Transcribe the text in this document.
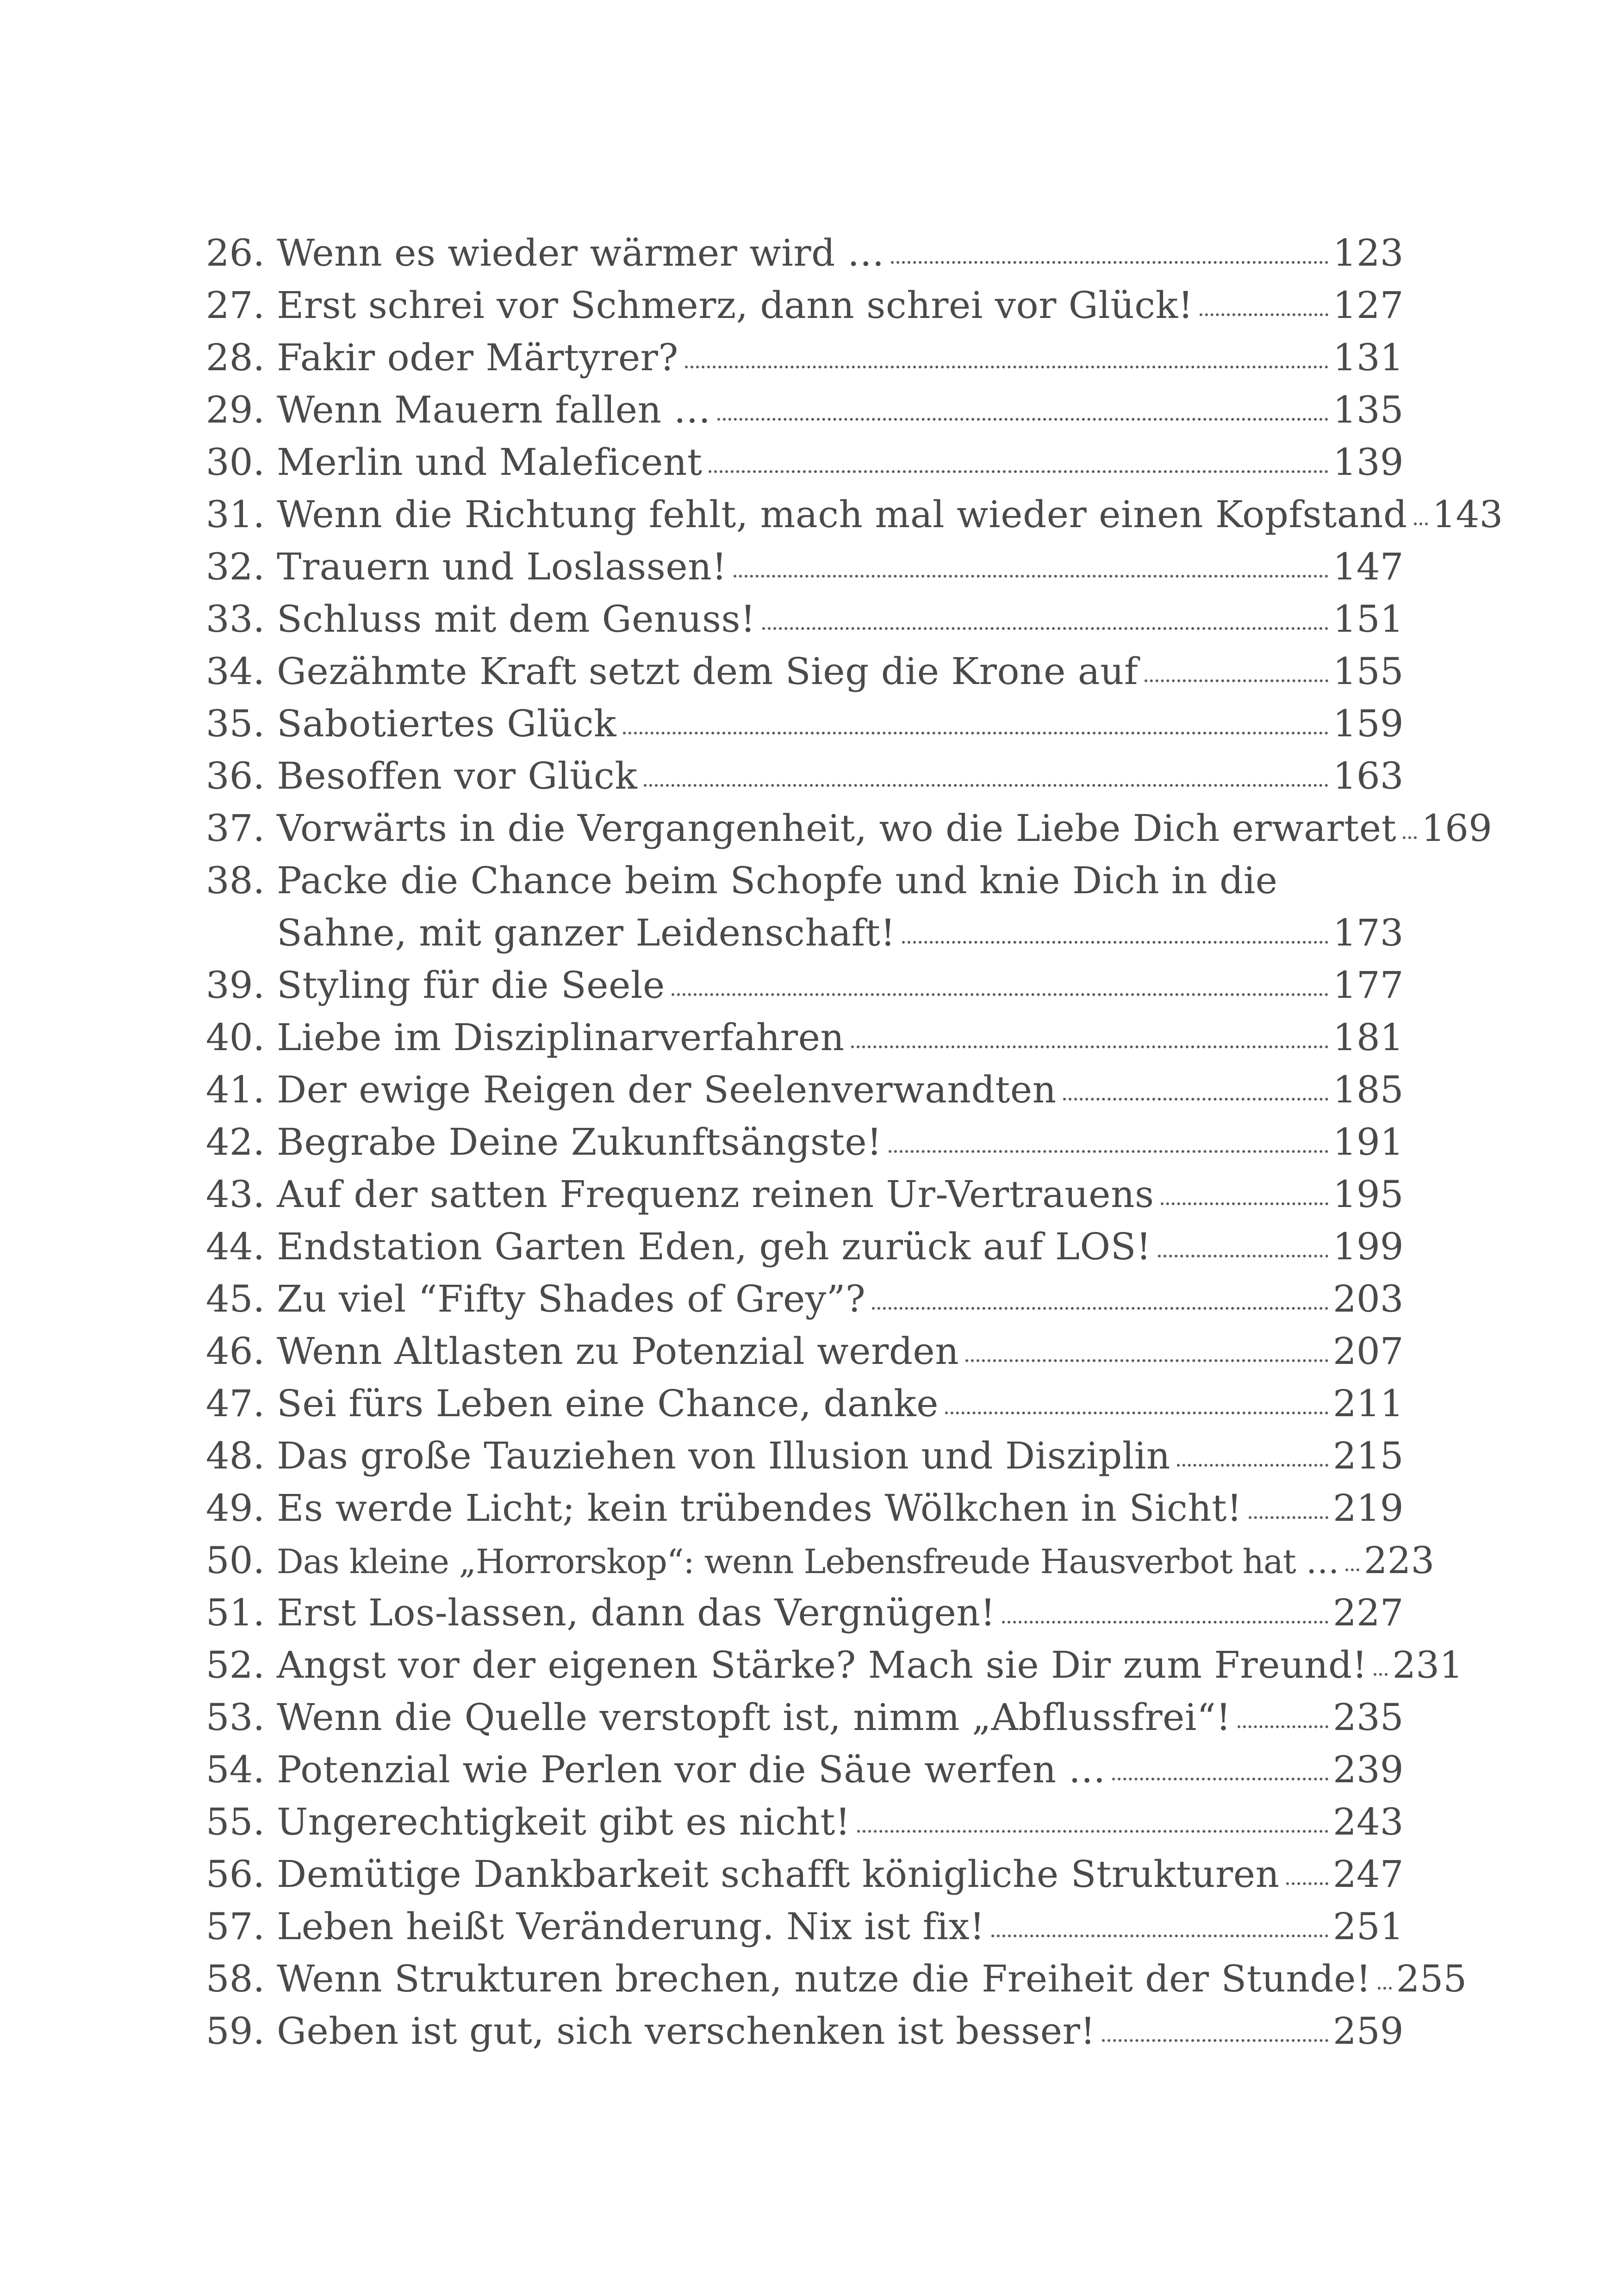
26. Wenn es wieder wärmer wird …	123
27. Erst schrei vor Schmerz, dann schrei vor Glück!	127
28. Fakir oder Märtyrer?	131
29. Wenn Mauern fallen …	135
30. Merlin und Maleficent	139
31. Wenn die Richtung fehlt, mach mal wieder einen Kopfstand 143
32. Trauern und Loslassen!	147
33. Schluss mit dem Genuss!	151
34. Gezähmte Kraft setzt dem Sieg die Krone auf	155
35. Sabotiertes Glück	159
36. Besoffen vor Glück	163
37. Vorwärts in die Vergangenheit, wo die Liebe Dich erwartet 169
38. Packe die Chance beim Schopfe und knie Dich in die
Sahne, mit ganzer Leidenschaft!	173
39. Styling für die Seele	177
40. Liebe im Disziplinarverfahren	181
41. Der ewige Reigen der Seelenverwandten	185
42. Begrabe Deine Zukunftsängste!	191
43. Auf der satten Frequenz reinen Ur-Vertrauens	195
44. Endstation Garten Eden, geh zurück auf LOS!	199
45. Zu viel “Fifty Shades of Grey”?	203
46. Wenn Altlasten zu Potenzial werden	207
47. Sei fürs Leben eine Chance, danke	211
48. Das große Tauziehen von Illusion und Disziplin	215
49. Es werde Licht; kein trübendes Wölkchen in Sicht! 219
50. Das kleine „Horrorskop“: wenn Lebensfreude Hausverbot hat … 223
51. Erst Los-lassen, dann das Vergnügen!	227
52. Angst vor der eigenen Stärke? Mach sie Dir zum Freund! 231
53. Wenn die Quelle verstopft ist, nimm „Abflussfrei“!	235
54. Potenzial wie Perlen vor die Säue werfen …	239
55. Ungerechtigkeit gibt es nicht!	243
56. Demütige Dankbarkeit schafft königliche Strukturen 247
57. Leben heißt Veränderung. Nix ist fix!	251
58. Wenn Strukturen brechen, nutze die Freiheit der Stunde! 255
59. Geben ist gut, sich verschenken ist besser!	259
